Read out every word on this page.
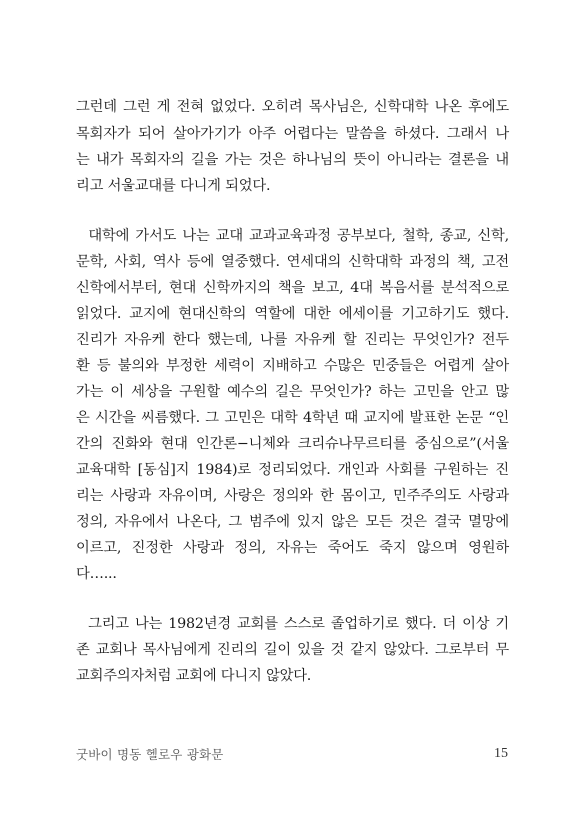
그런데 그런 게 전혀 없었다. 오히려 목사님은, 신학대학 나온 후에도
목회자가 되어 살아가기가 아주 어렵다는 말씀을 하셨다. 그래서 나
는 내가 목회자의 길을 가는 것은 하나님의 뜻이 아니라는 결론을 내
리고 서울교대를 다니게 되었다.
대학에 가서도 나는 교대 교과교육과정 공부보다, 철학, 종교, 신학,
문학, 사회, 역사 등에 열중했다. 연세대의 신학대학 과정의 책, 고전
신학에서부터, 현대 신학까지의 책을 보고, 4대 복음서를 분석적으로
읽었다. 교지에 현대신학의 역할에 대한 에세이를 기고하기도 했다.
진리가 자유케 한다 했는데, 나를 자유케 할 진리는 무엇인가? 전두
환 등 불의와 부정한 세력이 지배하고 수많은 민중들은 어렵게 살아
가는 이 세상을 구원할 예수의 길은 무엇인가? 하는 고민을 안고 많
은 시간을 씨름했다. 그 고민은 대학 4학년 때 교지에 발표한 논문 “인
간의 진화와 현대 인간론−니체와 크리슈나무르티를 중심으로”(서울
교육대학 [동심]지 1984)로 정리되었다. 개인과 사회를 구원하는 진
리는 사랑과 자유이며, 사랑은 정의와 한 몸이고, 민주주의도 사랑과
정의, 자유에서 나온다, 그 범주에 있지 않은 모든 것은 결국 멸망에
이르고, 진정한 사랑과 정의, 자유는 죽어도 죽지 않으며 영원하
다…...
그리고 나는 1982년경 교회를 스스로 졸업하기로 했다. 더 이상 기
존 교회나 목사님에게 진리의 길이 있을 것 같지 않았다. 그로부터 무
교회주의자처럼 교회에 다니지 않았다.
굿바이 명동 헬로우 광화문	15
